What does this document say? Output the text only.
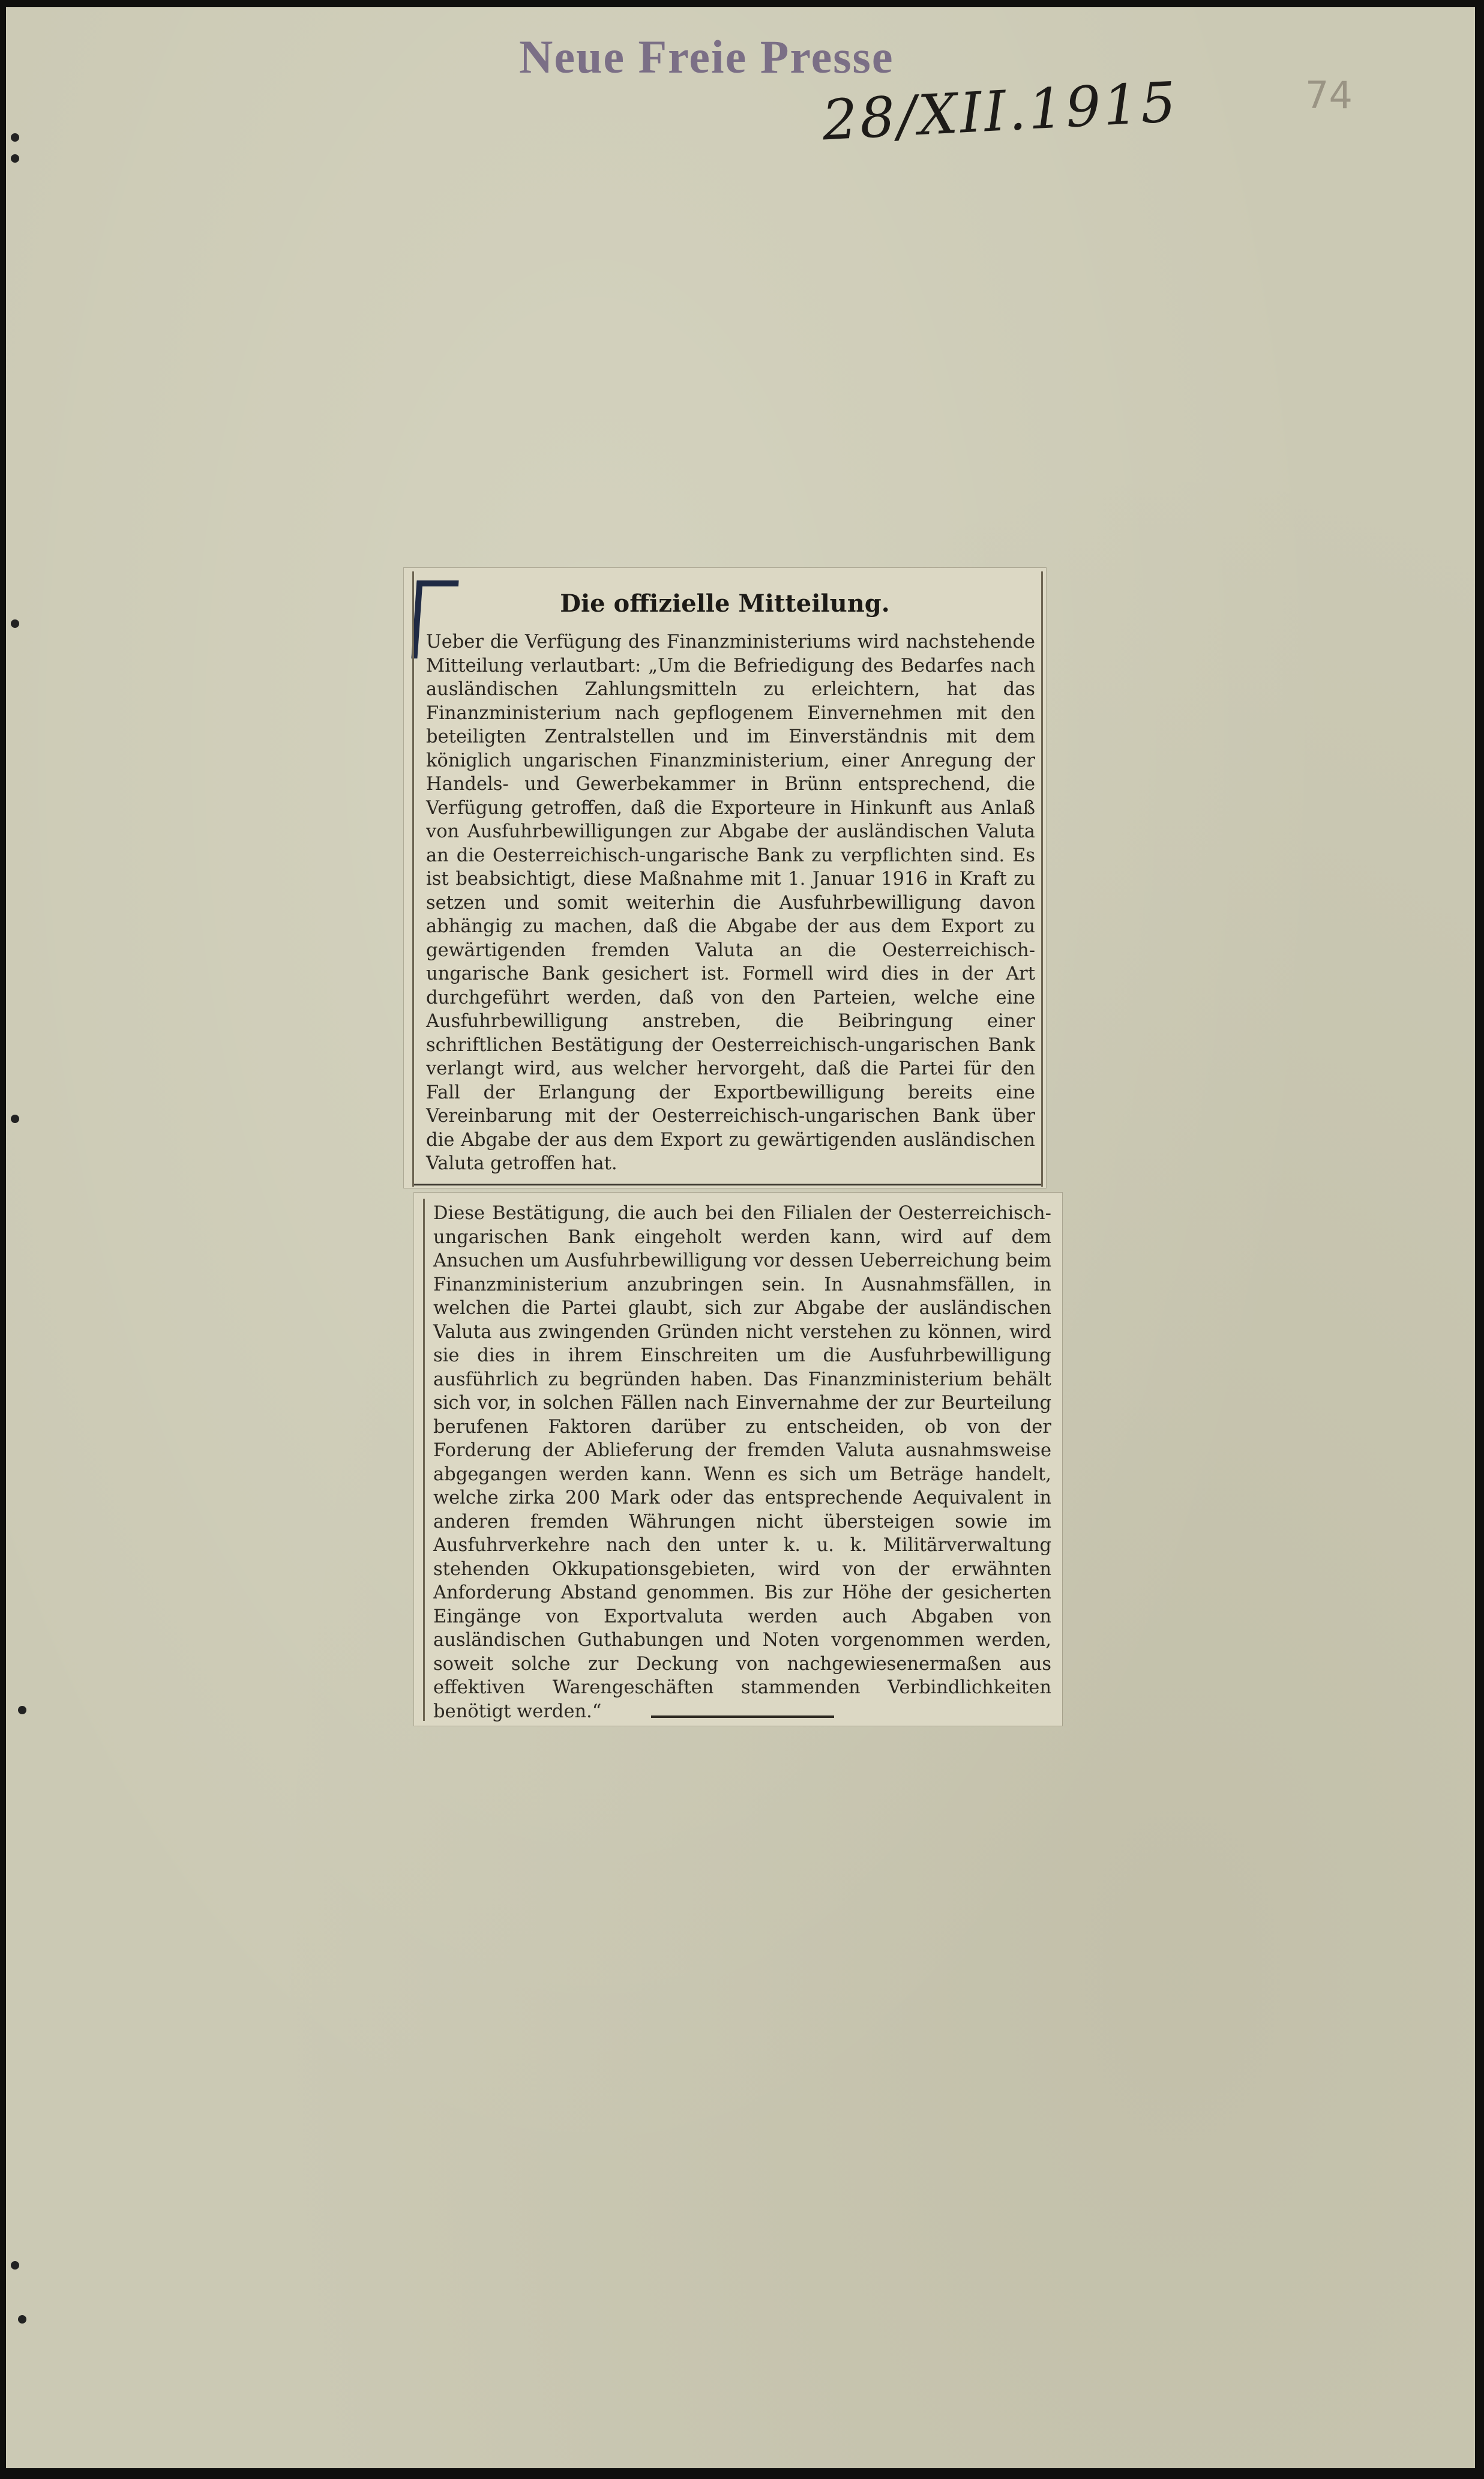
Neue Freie Presse
28/XII.1915	74
Die offizielle Mitteilung.
Ueber die Verfügung des Finanzministeriums wird nachstehende Mitteilung verlautbart: „Um die Befriedigung des Bedarfes nach ausländischen Zahlungsmitteln zu erleichtern, hat das Finanzministerium nach gepflogenem Einvernehmen mit den beteiligten Zentralstellen und im Einverständnis mit dem königlich ungarischen Finanzministerium, einer Anregung der Handels- und Gewerbekammer in Brünn entsprechend, die Verfügung getroffen, daß die Exporteure in Hinkunft aus Anlaß von Ausfuhrbewilligungen zur Abgabe der ausländischen Valuta an die Oesterreichisch-ungarische Bank zu verpflichten sind. Es ist beabsichtigt, diese Maßnahme mit 1. Januar 1916 in Kraft zu setzen und somit weiterhin die Ausfuhrbewilligung davon abhängig zu machen, daß die Abgabe der aus dem Export zu gewärtigenden fremden Valuta an die Oesterreichisch-ungarische Bank gesichert ist. Formell wird dies in der Art durchgeführt werden, daß von den Parteien, welche eine Ausfuhrbewilligung anstreben, die Beibringung einer schriftlichen Bestätigung der Oesterreichisch-ungarischen Bank verlangt wird, aus welcher hervorgeht, daß die Partei für den Fall der Erlangung der Exportbewilligung bereits eine Vereinbarung mit der Oesterreichisch-ungarischen Bank über die Abgabe der aus dem Export zu gewärtigenden ausländischen Valuta getroffen hat.
Diese Bestätigung, die auch bei den Filialen der Oesterreichisch-ungarischen Bank eingeholt werden kann, wird auf dem Ansuchen um Ausfuhrbewilligung vor dessen Ueberreichung beim Finanzministerium anzubringen sein. In Ausnahmsfällen, in welchen die Partei glaubt, sich zur Abgabe der ausländischen Valuta aus zwingenden Gründen nicht verstehen zu können, wird sie dies in ihrem Einschreiten um die Ausfuhrbewilligung ausführlich zu begründen haben. Das Finanzministerium behält sich vor, in solchen Fällen nach Einvernahme der zur Beurteilung berufenen Faktoren darüber zu entscheiden, ob von der Forderung der Ablieferung der fremden Valuta ausnahmsweise abgegangen werden kann. Wenn es sich um Beträge handelt, welche zirka 200 Mark oder das entsprechende Aequivalent in anderen fremden Währungen nicht übersteigen sowie im Ausfuhrverkehre nach den unter k. u. k. Militärverwaltung stehenden Okkupationsgebieten, wird von der erwähnten Anforderung Abstand genommen. Bis zur Höhe der gesicherten Eingänge von Exportvaluta werden auch Abgaben von ausländischen Guthabungen und Noten vorgenommen werden, soweit solche zur Deckung von nachgewiesenermaßen aus effektiven Warengeschäften stammenden Verbindlichkeiten benötigt werden.“
